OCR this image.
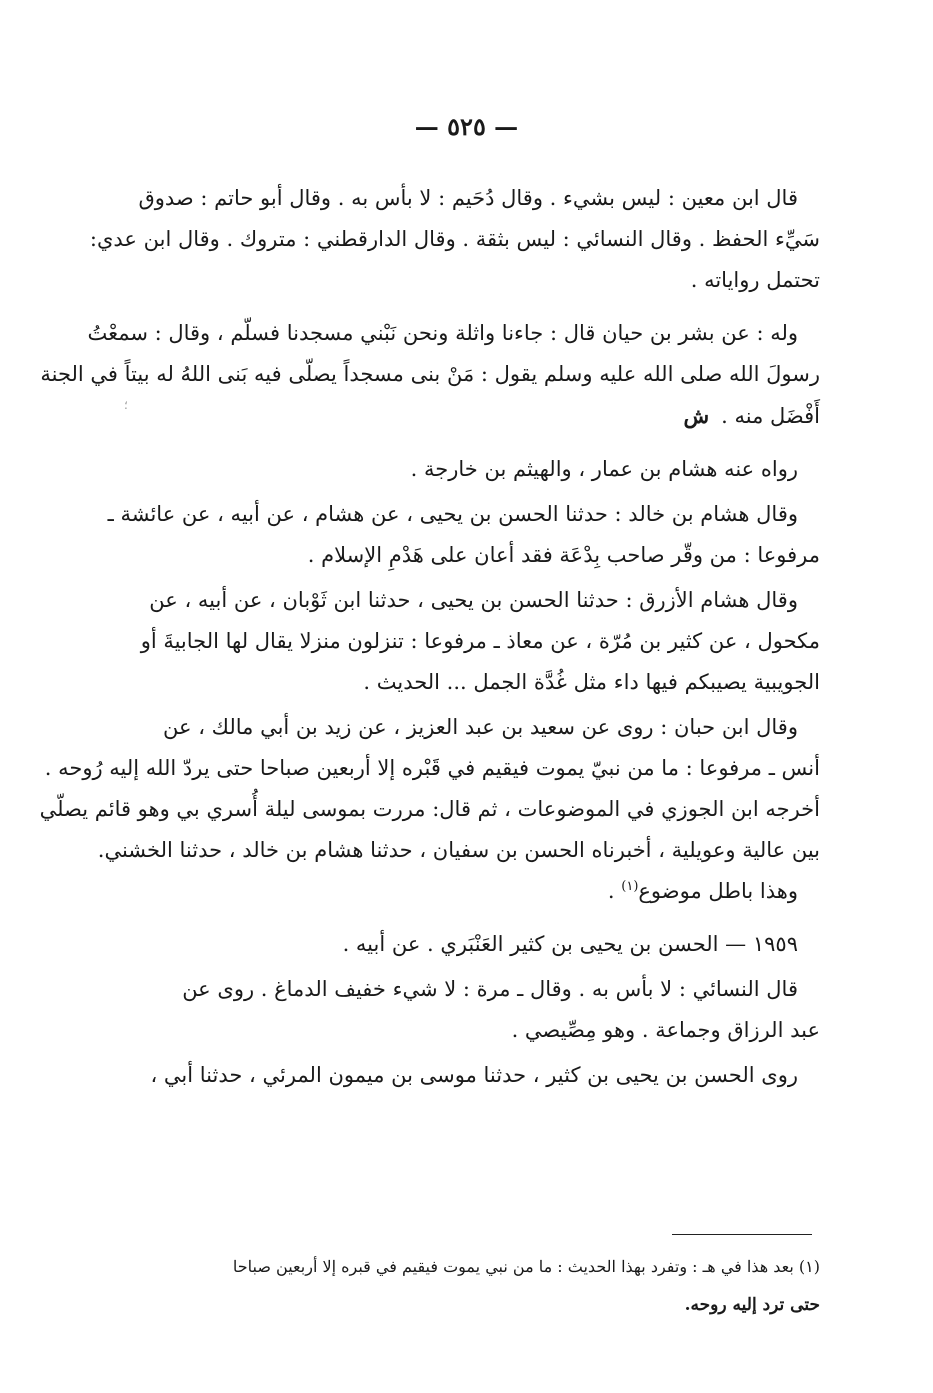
— ٥٢٥ —
؛
قال ابن معين : ليس بشيء . وقال دُحَيم : لا بأس به . وقال أبو حاتم : صدوق
سَيِّء الحفظ . وقال النسائي : ليس بثقة . وقال الدارقطني : متروك . وقال ابن عدي:
تحتمل رواياته .
وله : عن بشر بن حيان قال : جاءنا واثلة ونحن نَبْني مسجدنا فسلّم ، وقال : سمعْتُ
رسولَ الله صلى الله عليه وسلم يقول : مَنْ بنى مسجداً يصلّى فيه بَنى اللهُ له بيتاً في الجنة
أَفْضَل منه .ش
رواه عنه هشام بن عمار ، والهيثم بن خارجة .
وقال هشام بن خالد : حدثنا الحسن بن يحيى ، عن هشام ، عن أبيه ، عن عائشة ـ
مرفوعا : من وقّر صاحب بِدْعَة فقد أعان على هَدْمِ الإسلام .
وقال هشام الأزرق : حدثنا الحسن بن يحيى ، حدثنا ابن ثَوْبان ، عن أبيه ، عن
مكحول ، عن كثير بن مُرّة ، عن معاذ ـ مرفوعا : تنزلون منزلا يقال لها الجابيةَ أو
الجويبية يصيبكم فيها داء مثل غُدَّة الجمل ... الحديث .
وقال ابن حبان : روى عن سعيد بن عبد العزيز ، عن زيد بن أبي مالك ، عن
أنس ـ مرفوعا : ما من نبيّ يموت فيقيم في قَبْره إلا أربعين صباحا حتى يردّ الله إليه رُوحه .
أخرجه ابن الجوزي في الموضوعات ، ثم قال: مررت بموسى ليلة أُسري بي وهو قائم يصلّي
بين عالية وعويلية ، أخبرناه الحسن بن سفيان ، حدثنا هشام بن خالد ، حدثنا الخشني.
وهذا باطل موضوع$^{(١)}$ .
١٩٥٩ — الحسن بن يحيى بن كثير العَنْبَري . عن أبيه .
قال النسائي : لا بأس به . وقال ـ مرة : لا شيء خفيف الدماغ . روى عن
عبد الرزاق وجماعة . وهو مِصِّيصي .
روى الحسن بن يحيى بن كثير ، حدثنا موسى بن ميمون المرئي ، حدثنا أبي ،
(١) بعد هذا في هـ : وتفرد بهذا الحديث : ما من نبي يموت فيقيم في قبره إلا أربعين صباحا
حتى ترد إليه روحه.
